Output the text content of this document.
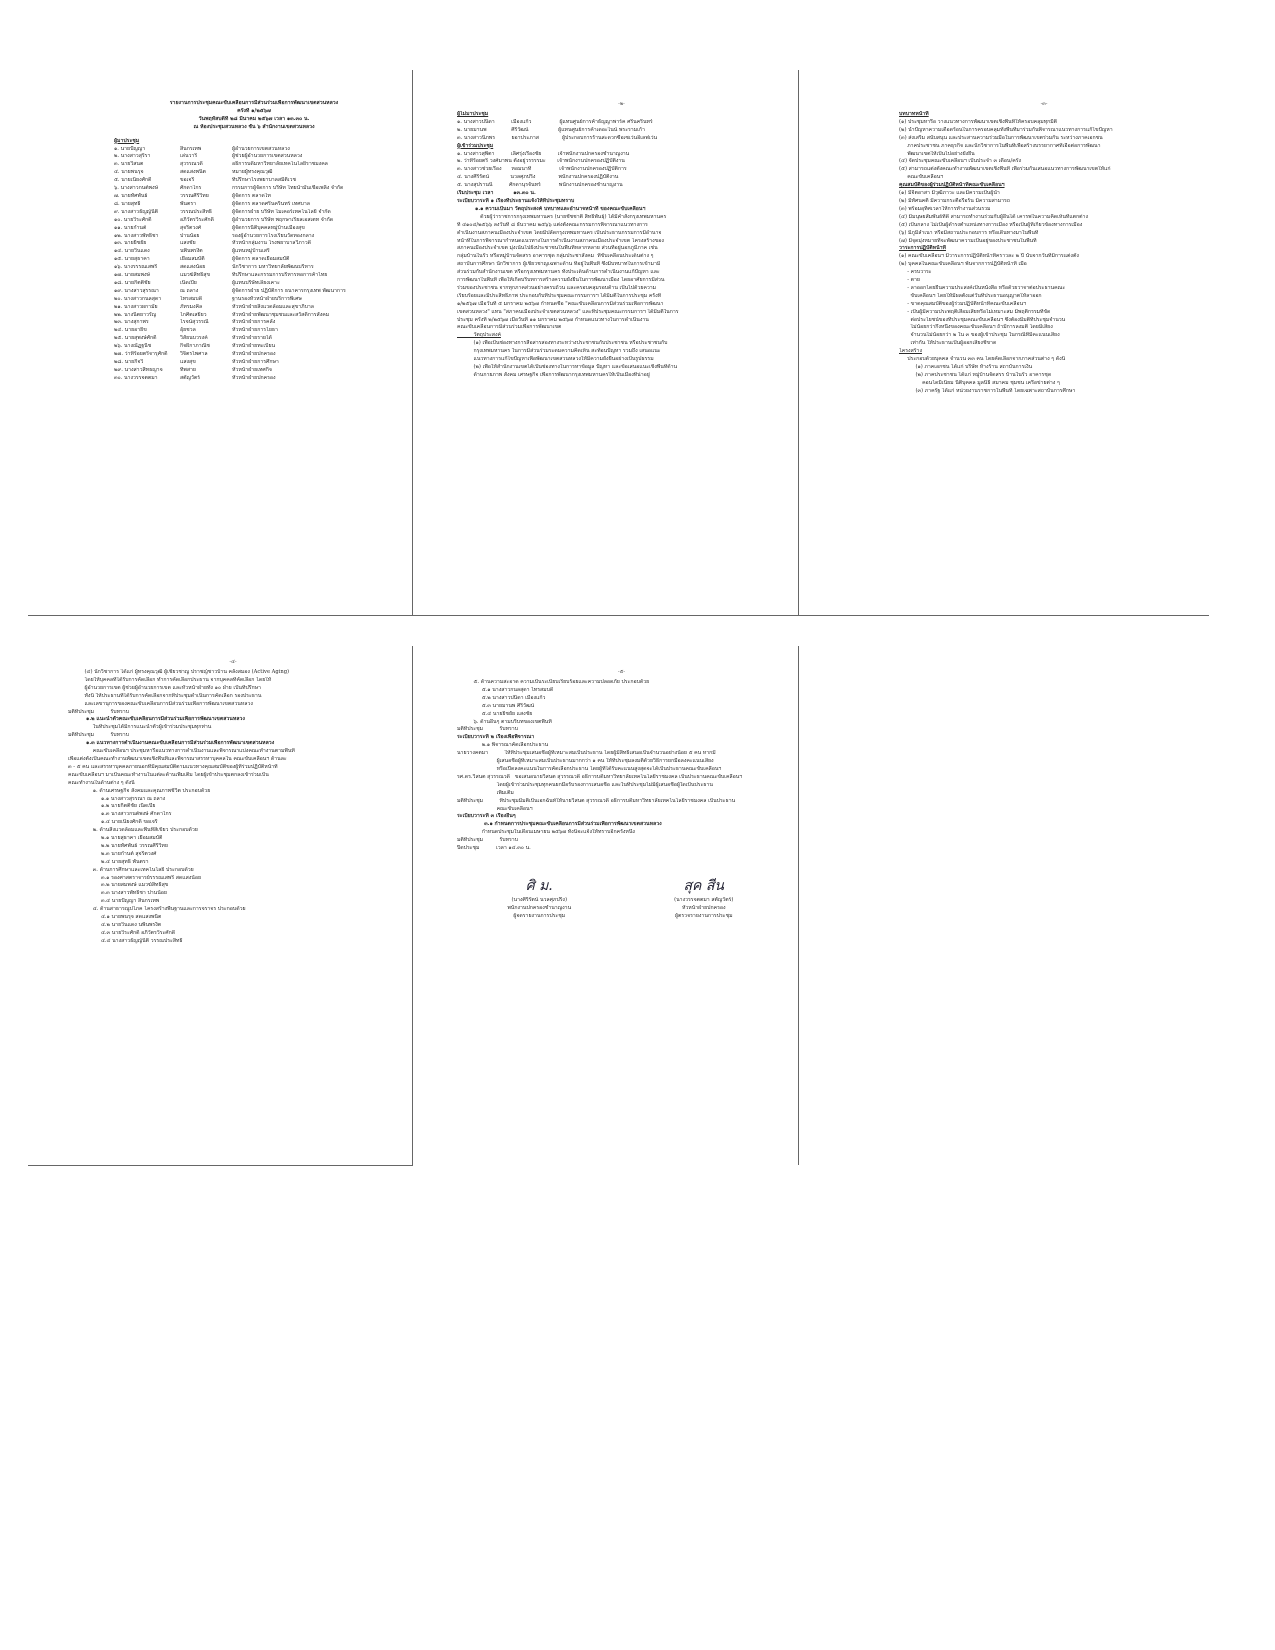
รายงานการประชุมคณะขับเคลื่อนการมีส่วนร่วมเพื่อการพัฒนาเขตสวนหลวง
ครั้งที่ ๑/๒๕๖๗
วันพฤหัสบดีที่ ๒๘ มีนาคม ๒๕๖๗ เวลา ๑๓.๓๐ น.
ณ ห้องประชุมสวนหลวง ชั้น ๖ สำนักงานเขตสวนหลวง
ผู้มาประชุม
๑. นายปัญญา	สินกรเทพ	ผู้อำนวยการเขตสวนหลวง
๒. นางสาวสุรีรา	เล่นวารี	ผู้ช่วยผู้อำนวยการเขตสวนหลวง
๓. นายวิสนต	สุวรรณวดี	อธิการบดีมหาวิทยาลัยเทคโนโลยีราชมงคล
๔. นายพนรุจ	สดแสงพนิต	หมายผู้ทรงคุณวุฒิ
๕. นายเนียงศักดิ์	ขอเจริ	ที่ปรึกษาโรงพยาบาลสมิติเวช
๖. นางสาวกนต์พงษ์	ศักดาไกร	กรรมการผู้จัดการ บริษัท ไทยน้ำมันเชื้อเพลิง จำกัด
๗. นายทัศพันธ์	วรรณศิริวิทย	ผู้จัดการ ตลาดไท
๘. นายสุทธิ	พันตรา	ผู้จัดการ ตลาดศรีนครินทร์ เทศบาล
๙. นางสาวธัญญ์นีติ	วรรณประสิทธิ์	ผู้จัดการฝ่าย บริษัท ไมเคอร์เทคโนโลยี จำกัด
๑๐. นายวีระศักดิ์	อภิวัตรวีระศักดิ์	ผู้อำนวยการ บริษัท พฤกษาเรียลเอสเตท จำกัด
๑๑. นายกำนต์	สุจริตวงศ์	ผู้จัดการนิติบุคคลหมู่บ้านเมืองสุข
๑๒. นางสาวพัทธิชา	ปานน้อย	รองผู้อำนวยการโรงเรียนวัดทองกลาง
๑๓. นายยิชยัย	แสงชัย	หัวหน้ากลุ่มงาน โรงพยาบาลวิภาวดี
๑๔. นายวีนแดง	นพินพรงิต	ผู้แทนหมู่บ้านเสรี
๑๕. นายสุธาคา	เยื่อมสมบัติ	ผู้จัดการ ตลาดเยื่อมสมบัติ
๑๖. นางรรรณเสพรี	สดแสงน้อย	นักวิชาการ มหาวิทยาลัยพัฒนบริหาร
๑๗. นายสมพงษ์	แมวฆ์สิทธิ์สุข	ที่ปรึกษาและกรรมการบริหารหอการค้าไทย
๑๘. นายกิตติชัย	เนิดเปีย	ผู้แทนบริษัทเลียงเคาะ
๑๙. นางสาวสุรรณา	ณ ถลาง	ผู้จัดการฝ่าย ปฏิบัติการ ธนาคารกรุงเทพ พัฒนาการ
๒๐. นางสาวกนลสุดา	ไทรสมบดี	ฐานรองหัวหน้าฝ่ายบริการพิเศษ
๒๑. นางสาวผกามัย	ภัทรมงคิล	หัวหน้าฝ่ายสิ่งแวดล้อมและสุขาภิบาล
๒๒. นางนิตยาวรัญ	โกศิตเสยี่ยว	หัวหน้าฝ่ายพัฒนาชุมชนและสวัสดิการสังคม
๒๓. นางสุกาพร	โรจน์สุวรรณี	หัวหน้าฝ่ายการคลัง
๒๔. นายอายิข	อุ้ยชวล	หัวหน้าฝ่ายการโยธา
๒๕. นายสุพงษ์ศักดิ์	วิสัยนบวรงค์	หัวหน้าฝ่ายรายได้
๒๖. นางณัฏฐนิช	กิจผิกาภาณิช	หัวหน้าฝ่ายทะเบียน
๒๗. ว่าที่ร้อยตรีจารุศักดิ์	วิจิตรไพศาล	หัวหน้าฝ่ายปกครอง
๒๘. นายกิจวิ	แสงสุข	หัวหน้าฝ่ายการศึกษา
๒๙. นางสาวสิทธญาจ	ทิพสาย	หัวหน้าฝ่ายเทศกิจ
๓๐. นางวรรจตตมา	สตัญวัตร์	หัวหน้าฝ่ายปกครอง
-๒-
ผู้ไม่มาประชุม
๑. นางสาวปนิดา          เมืองแก้ว                 ผู้แทนศูนย์การค้าธัญญาพาร์ค ศรีนครินทร์
๒. นายมานพ               ศิริวัฒน์                  ผู้แทนศูนย์การค้าเดอะไนน์ พระรามเก้า
๓. นางสาวนิภพร          ยอาประภาส              ผู้ประกอบการร้านสะดวกซื้อเซเว่นอีเลฟเว่น
ผู้เข้าร่วมประชุม
๑. นางสาวสุพิตา          เลิศรุ่งเรืองชัย          เจ้าพนักงานปกครองชำนาญงาน
๒. ว่าที่ร้อยตรี วงศ์มาพน ตั้งอยู่วรรรรมะ       เจ้าพนักงานปกครองปฏิบัติงาน
๓. นางสาวช่วยเรือง      หอมนาที                 เจ้าพนักงานปกครองปฏิบัติการ
๔. นางศิริรัตน์             นวลศุภปริง              พนักงานปกครองปฏิบัติงาน
๕. นางสุปรานนี          ศักดานุรจันทร์           พนักงานปกครองชำนาญงาน
เริ่มประชุม เวลา           ๑๓.๓๐ น.
ระเบียบวาระที่ ๑ เรื่องที่ประธานแจ้งให้ที่ประชุมทราบ
๑.๑ ความเป็นมา วัตถุประสงค์ บทบาทและอำนาจหน้าที่ ของคณะขับเคลื่อนฯ
ด้วยผู้ว่าราชการกรุงเทพมหานคร (นายชัชชาติ สิทธิพันธุ์) ได้มีคำสั่งกรุงเทพมหานคร
ที่ ๔๑๐๔/๒๕๖๖ ลงวันที่ ๘ ธันวาคม ๒๕๖๖ แต่งตั้งคณะกรรมการพิจารณาแนวทางการ
ดำเนินงานสภาคนเมืองประจำเขต โดยมีปลัดกรุงเทพมหานคร เป็นประธานกรรมการมีอำนาจ
หน้าที่ในการพิจารณากำหนดแนวทางในการดำเนินงานสภาคนเมืองประจำเขต โครงสร้างของ
สภาคนเมืองประจำเขต มุ่งเน้นไปยังประชาชนในพื้นที่หลากหลาย ส่วนที่อยู่นอกภูมิภาค เช่น
กลุ่มบ้านในรั้ว หรือหมู่บ้านจัดสรร อาคารชุด กลุ่มประชาสังคม  ที่ขับเคลื่อนประเด็นต่าง ๆ
สถาบันการศึกษา นักวิชาการ ผู้เชี่ยวชาญเฉพาะด้าน ที่อยู่ในพื้นที่ ซึ่งมีบทบาทในการเข้ามามี
ส่วนร่วมกับสำนักงานเขต หรือกรุงเทพมหานคร ทั้งประเด็นด้านการดำเนินงานแก้ปัญหา และ
การพัฒนาในพื้นที่ เพื่อให้เกิดบริบทการสร้างความยั่งยืนในการพัฒนาเมือง โดยอาศัยการมีส่วน
ร่วมของประชาชน จากทุกภาคส่วนอย่างครบถ้วน และครอบคลุมรอบด้าน เป็นไปด้วยความ
เรียบร้อยและมีประสิทธิภาพ ประกอบกับที่ประชุมคณะกรรมการฯ ได้มีมติในการประชุม ครั้งที่
๑/๒๕๖๗ เมื่อวันที่ ๕ มกราคม ๒๕๖๗ กำหนดชื่อ "คณะขับเคลื่อนการมีส่วนร่วมเพื่อการพัฒนา
เขตสวนหลวง" แทน "สภาคนเมืองประจำเขตสวนหลวง" และที่ประชุมคณะกรรมการฯ ได้มีมติในการ
ประชุม ครั้งที่ ๒/๒๕๖๗ เมื่อวันที่ ๑๑ มกราคม ๒๕๖๗ กำหนดแนวทางในการดำเนินงาน
คณะขับเคลื่อนการมีส่วนร่วมเพื่อการพัฒนาเขต
วัตถุประสงค์
(๑) เพื่อเป็นช่องทางการสื่อสารสองทางระหว่างประชาชนกับประชาชน หรือประชาชนกับ
กรุงเทพมหานคร ในการมีส่วนร่วมระดมความคิดเห็น สะท้อนปัญหา รวมถึง เสนอแนะ
แนวทางการแก้ไขปัญหาเพื่อพัฒนาเขตสวนหลวงให้มีความยั่งยืนอย่างเป็นรูปธรรม
(๒) เพื่อให้สำนักงานเขตได้เป็นช่องทางในการหาข้อมูล ปัญหา และข้อเสนอแนะเชิงพื้นที่ด้าน
ด้านกายภาพ สังคม เศรษฐกิจ เพื่อการพัฒนากรุงเทพมหานครให้เป็นเมืองที่น่าอยู่
-๓-
บทบาทหน้าที่
(๑) ประชุมหารือ วางแนวทางการพัฒนาเขตเชิงพื้นที่ให้ครอบคลุมทุกมิติ
(๒) นำปัญหาความเดือดร้อนในการครอบคลุมทั้งพื้นที่มาร่วมกันพิจารณาแนวทางการแก้ไขปัญหา
(๓) ส่งเสริม สนับสนุน และประสานความร่วมมือในการพัฒนาเขตร่วมกัน ระหว่างภาคเอกชน
ภาคประชาชน ภาคธุรกิจ และนักวิชาการในพื้นที่เพื่อสร้างบรรยากาศที่เอื้อต่อการพัฒนา
พัฒนาเขตให้เป็นไปอย่างยั่งยืน
(๔) จัดประชุมคณะขับเคลื่อนฯ เป็นประจำ ๓ เดือน/ครั้ง
(๕) สามารถแต่งตั้งคณะทำงานพัฒนาเขตเชิงพื้นที่ เพื่อร่วมกันเสนอแนวทางการพัฒนาเขตให้แก่
คณะขับเคลื่อนฯ
คุณสมบัติของผู้ร่วมปฏิบัติหน้าที่คณะขับเคลื่อนฯ
(๑) มีจิตอาสา มีวุฒิภาวะ และมีความเป็นผู้นำ
(๒) มีทัศนคติ มีความกระตือรือร้น มีความสามารถ
(๓) พร้อมอุทิศเวลาให้การทำงานส่วนรวม
(๔) มีมนุษยสัมพันธ์ที่ดี สามารถทำงานร่วมกับผู้อื่นได้ เคารพในความคิดเห็นที่แตกต่าง
(๕) เป็นกลาง ไม่เป็นผู้ดำรงตำแหน่งทางการเมือง หรือเป็นผู้ที่เกี่ยวข้องทางการเมือง
(๖) มีภูมิลำเนา หรือมีสถานประกอบการ หรือเดินทางมาในพื้นที่
(๗) มีจุดมุ่งหมายที่จะพัฒนาความเป็นอยู่ของประชาชนในพื้นที่
วาระการปฏิบัติหน้าที่
(๑) คณะขับเคลื่อนฯ มีวาระการปฏิบัติหน้าที่คราวละ ๒ ปี นับจากวันที่มีการแต่งตั้ง
(๒) บุคคลในคณะขับเคลื่อนฯ พ้นจากการปฏิบัติหน้าที่ เมื่อ
- ครบวาระ
- ตาย
- ลาออกโดยยื่นความประสงค์เป็นหนังสือ หรือด้วยวาจาต่อประธานคณะ
ขับเคลื่อนฯ โดยให้มีผลตั้งแต่วันที่ประธานอนุญาตให้ลาออก
- ขาดคุณสมบัติของผู้ร่วมปฏิบัติหน้าที่คณะขับเคลื่อนฯ
- เป็นผู้มีความประพฤติเสื่อมเสียหรือไม่เหมาะสม มีพฤติกรรมที่ขัด
ต่อประโยชน์ของที่ประชุมคณะขับเคลื่อนฯ ซึ่งต้องมีมติที่ประชุมจำนวน
ไม่น้อยกว่ากึ่งหนึ่งของคณะขับเคลื่อนฯ ถ้ามีการลงมติ โดยมีเสียง
จำนวนไม่น้อยกว่า ๒ ใน ๓ ของผู้เข้าประชุม ในกรณีที่มีคะแนนเสียง
เท่ากัน ให้ประธานเป็นผู้ออกเสียงชี้ขาด
โครงสร้าง
ประกอบด้วยบุคคล จำนวน ๓๓ คน โดยคัดเลือกจากภาคส่วนต่าง ๆ ดังนี้
(๑) ภาคเอกชน ได้แก่ บริษัท ห้างร้าน สถาบันการเงิน
(๒) ภาคประชาชน ได้แก่ หมู่บ้านจัดสรร บ้านในรั้ว อาคารชุด
คอนโดมิเนียม นิติบุคคล มูลนิธิ สมาคม ชุมชน เครือข่ายต่าง ๆ
(๓) ภาครัฐ ได้แก่ หน่วยงานราชการในพื้นที่ โดยเฉพาะสถาบันการศึกษา
-๔-
(๔) นักวิชาการ ได้แก่ ผู้ทรงคุณวุฒิ ผู้เชี่ยวชาญ ปราชญ์ชาวบ้าน คลังสมอง (Active Aging)
โดยให้บุคคลที่ได้รับการคัดเลือก ทำการคัดเลือกประธาน จากบุคคลที่คัดเลือก โดยให้
ผู้อำนวยการเขต ผู้ช่วยผู้อำนวยการเขต และหัวหน้าฝ่ายทั้ง ๑๐ ฝ่าย เป็นที่ปรึกษา
ทั้งนี้ ให้ประธานที่ได้รับการคัดเลือกจากที่ประชุมดำเนินการคัดเลือก รองประธาน
และเลขานุการของคณะขับเคลื่อนการมีส่วนร่วมเพื่อการพัฒนาเขตสวนหลวง
มติที่ประชุม          รับทราบ
๑.๒ แนะนำตัวคณะขับเคลื่อนการมีส่วนร่วมเพื่อการพัฒนาเขตสวนหลวง
ในที่ประชุมได้มีการแนะนำตัวผู้เข้าร่วมประชุมทุกท่าน
มติที่ประชุม          รับทราบ
๑.๓ แนวทางการดำเนินงานคณะขับเคลื่อนการมีส่วนร่วมเพื่อการพัฒนาเขตสวนหลวง
คณะขับเคลื่อนฯ ประชุมหารือแนวทางการดำเนินงานและพิจารณาแบ่งคณะทำงานตามพื้นที่
เพื่อแต่งตั้งเป็นคณะทำงานพัฒนาเขตเชิงพื้นที่และพิจารณาสรรหาบุคคลใน คณะขับเคลื่อนฯ ด้านละ
๓ - ๕ คน และสรรหาบุคคลภายนอกที่มีคุณสมบัติตามแนวทางคุณสมบัติของผู้ที่ร่วมปฏิบัติหน้าที่
คณะขับเคลื่อนฯ มาเป็นคณะทำงานในแต่ละด้านเพิ่มเติม โดยผู้เข้าประชุมตกลงเข้าร่วมเป็น
คณะทำงานในด้านต่าง ๆ ดังนี้
๑. ด้านเศรษฐกิจ สังคมและคุณภาพชีวิต ประกอบด้วย
๑.๑ นางสาวสุรรณา ณ ถลาง
๑.๒ นายกิตติชัย เนิดเปีย
๑.๓ นางสาวกนต์พงษ์ ศักดาไกร
๑.๔ นายเนียงศักดิ์ ขอเจริ
๒. ด้านสิ่งแวดล้อมและพื้นที่สีเขียว ประกอบด้วย
๒.๑ นายสุธาคา เยื่อมสมบัติ
๒.๒ นายทัศพันธ์ วรรณศิริวิทย
๒.๓ นายกำนต์ สุจริตวงศ์
๒.๔ นายสุทธิ พันตรา
๓. ด้านการศึกษาและเทคโนโลยี ประกอบด้วย
๓.๑ รองศาสตราจารย์รรรณเสพรี สดแสงน้อย
๓.๒ นายสมพงษ์ แมวฆ์สิทธิ์สุข
๓.๓ นางสาวพัทธิชา ปานน้อย
๓.๔ นายปัญญา สินกรเทพ
๔. ด้านสาธารณูปโภค โครงสร้างพื้นฐานและการจราจร ประกอบด้วย
๔.๑ นายพนรุจ สดแสงพนิต
๔.๒ นายวีนแดง นพินพรงิต
๔.๓ นายวีระศักดิ์ อภิวัตรวีระศักดิ์
๔.๔ นางสาวธัญญ์นีติ วรรณประสิทธิ์
-๕-
๕. ด้านความสะอาด ความเป็นระเบียบเรียบร้อยและความปลอดภัย ประกอบด้วย
๕.๑ นางสาวกนลสุดา ไทรสมบดี
๕.๒ นางสาวปนิดา เมืองแก้ว
๕.๓ นายมานพ ศิริวัฒน์
๕.๔ นายยิชยัย แสงชัย
๖. ด้านอื่นๆ ตามบริบทของเขตพื้นที่
มติที่ประชุม          รับทราบ
ระเบียบวาระที่ ๒ เรื่องเพื่อพิจารณา
๒.๑ พิจารณาคัดเลือกประธาน
นายวางคตมา          ให้ที่ประชุมเสนอชื่อผู้ที่เหมาะสมเป็นประธาน โดยผู้มีสิทธิ์เสนอเป็นจำนวนอย่างน้อย ๕ คน หากมี
ผู้เสนอชื่อผู้ที่เหมาะสมเป็นประธานมากกว่า ๑ คน ให้ที่ประชุมลงมติด้วยวิธีการยกมือลงคะแนนเสียง
หรือเปิดลงคะแนนในการคัดเลือกประธาน โดยผู้ที่ได้รับคะแนนสูงสุดจะได้เป็นประธานคณะขับเคลื่อนฯ
รศ.ดร.วิสนต สุวรรณวดี   ขอเสนอนายวิสนต สุวรรณวดี อธิการบดีมหาวิทยาลัยเทคโนโลยีราชมงคล เป็นประธานคณะขับเคลื่อนฯ
โดยผู้เข้าร่วมประชุมทุกคนยกมือรับรองการเสนอชื่อ และในที่ประชุมไม่มีผู้เสนอชื่อผู้ใดเป็นประธาน
เพิ่มเติม
มติที่ประชุม          ที่ประชุมมีมติเป็นเอกฉันท์ให้นายวิสนต สุวรรณวดี อธิการบดีมหาวิทยาลัยเทคโนโลยีราชมงคล เป็นประธาน
คณะขับเคลื่อนฯ
ระเบียบวาระที่ ๓ เรื่องอื่นๆ
๓.๑ กำหนดการประชุมคณะขับเคลื่อนการมีส่วนร่วมเพื่อการพัฒนาเขตสวนหลวง
กำหนดประชุมในเดือนเมษายน ๒๕๖๗ ทั้งนี้จะแจ้งให้ทราบอีกครั้งหนึ่ง
มติที่ประชุม          รับทราบ
ปิดประชุม          เวลา ๑๔.๓๐ น.
ศิ ม.
(นางศิริรัตน์ นวลศุภปริง)
พนักงานปกครองชำนาญงาน
ผู้จดรายงานการประชุม
สุค สีน
(นางวรรจตตมา สตัญวัตร์)
หัวหน้าฝ่ายปกครอง
ผู้ตรวจรายงานการประชุม
